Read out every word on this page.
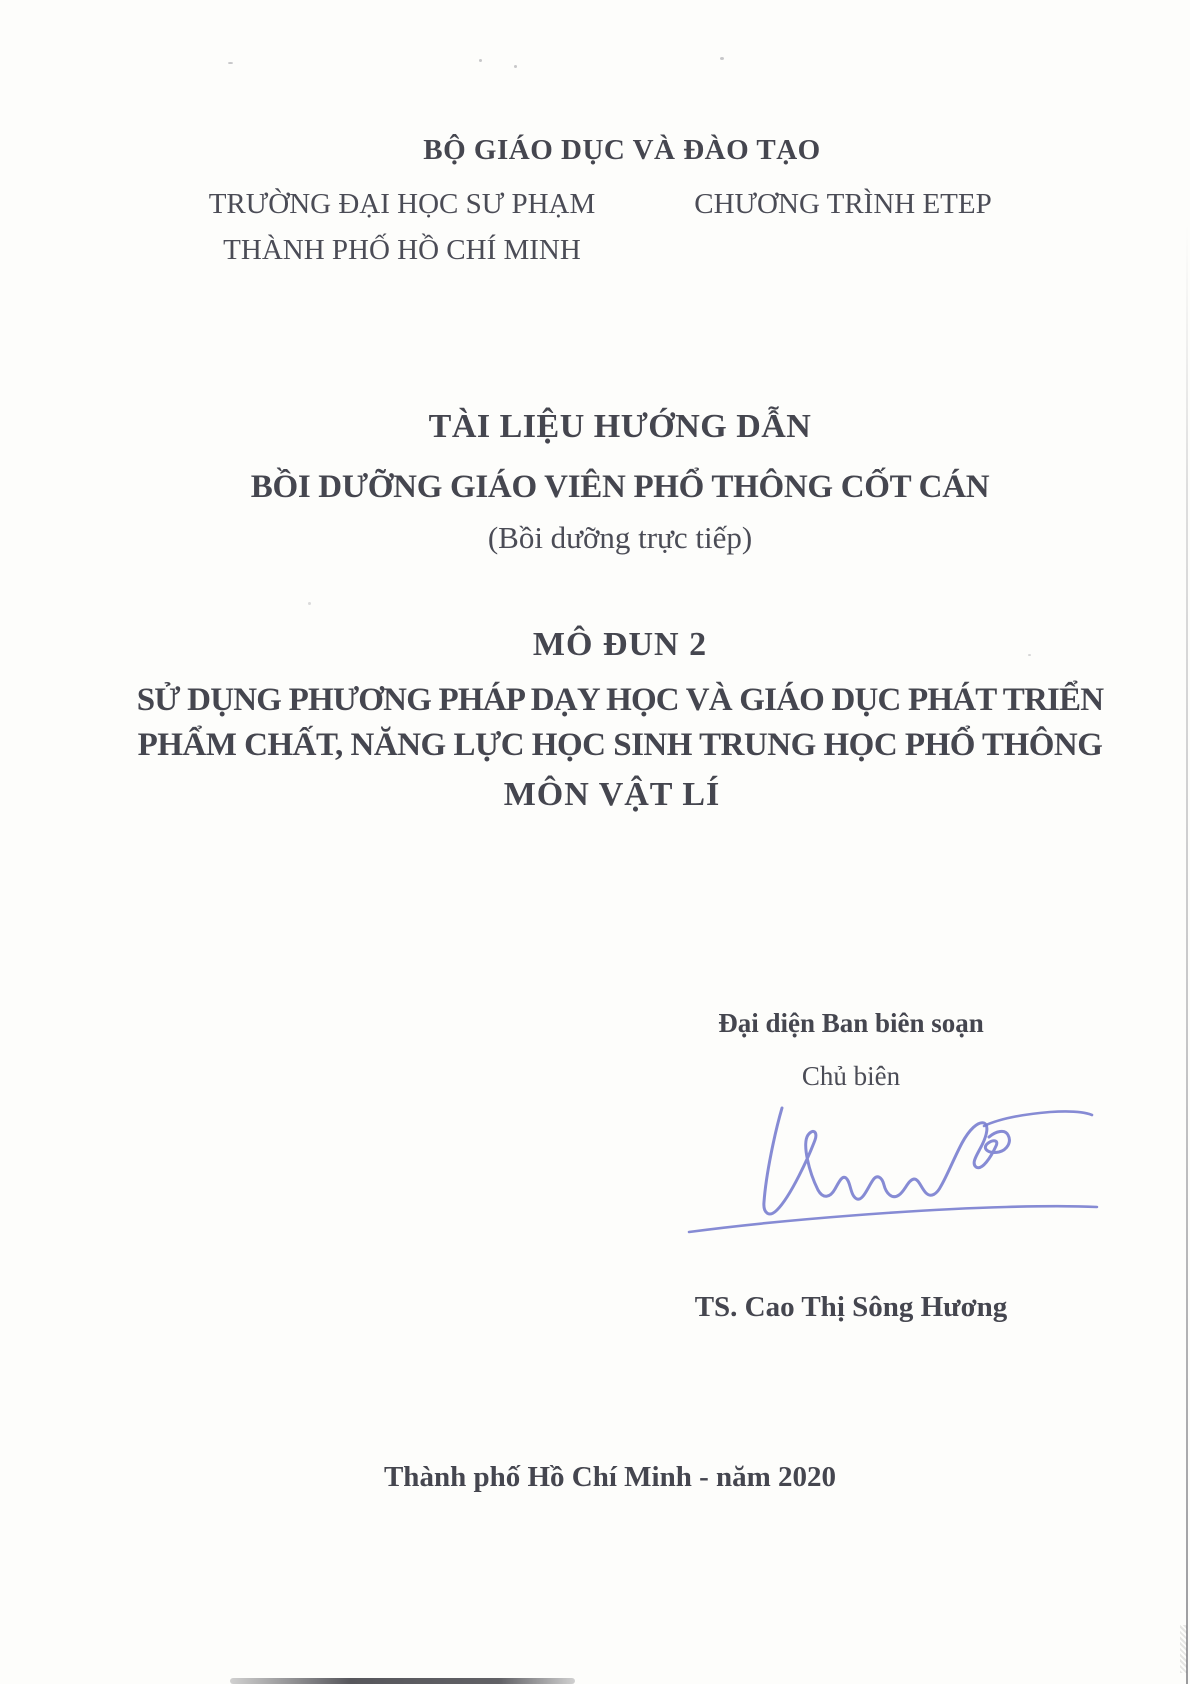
BỘ GIÁO DỤC VÀ ĐÀO TẠO
TRƯỜNG ĐẠI HỌC SƯ PHẠM
THÀNH PHỐ HỒ CHÍ MINH
CHƯƠNG TRÌNH ETEP
TÀI LIỆU HƯỚNG DẪN
BỒI DƯỠNG GIÁO VIÊN PHỔ THÔNG CỐT CÁN
(Bồi dưỡng trực tiếp)
MÔ ĐUN 2
SỬ DỤNG PHƯƠNG PHÁP DẠY HỌC VÀ GIÁO DỤC PHÁT TRIỂN
PHẨM CHẤT, NĂNG LỰC HỌC SINH TRUNG HỌC PHỔ THÔNG
MÔN VẬT LÍ
Đại diện Ban biên soạn
Chủ biên
TS. Cao Thị Sông Hương
Thành phố Hồ Chí Minh - năm 2020
